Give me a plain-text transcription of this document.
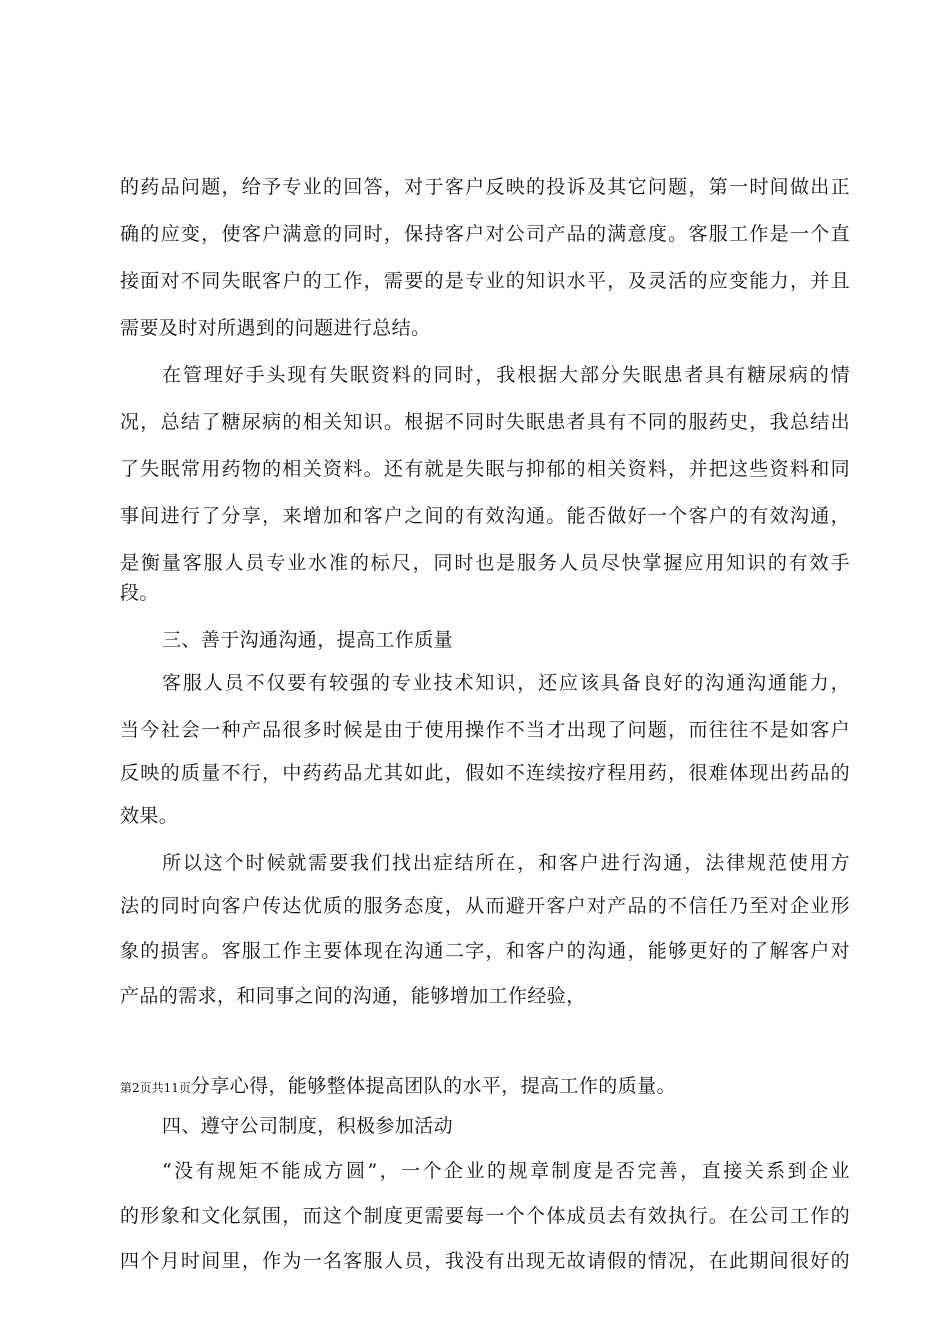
的药品问题，给予专业的回答，对于客户反映的投诉及其它问题，第一时间做出正
确的应变，使客户满意的同时，保持客户对公司产品的满意度。客服工作是一个直
接面对不同失眠客户的工作，需要的是专业的知识水平，及灵活的应变能力，并且
需要及时对所遇到的问题进行总结。
在管理好手头现有失眠资料的同时，我根据大部分失眠患者具有糖尿病的情
况，总结了糖尿病的相关知识。根据不同时失眠患者具有不同的服药史，我总结出
了失眠常用药物的相关资料。还有就是失眠与抑郁的相关资料，并把这些资料和同
事间进行了分享，来增加和客户之间的有效沟通。能否做好一个客户的有效沟通，
是衡量客服人员专业水准的标尺，同时也是服务人员尽快掌握应用知识的有效手
段。
三、善于沟通沟通，提高工作质量
客服人员不仅要有较强的专业技术知识，还应该具备良好的沟通沟通能力，
当今社会一种产品很多时候是由于使用操作不当才出现了问题，而往往不是如客户
反映的质量不行，中药药品尤其如此，假如不连续按疗程用药，很难体现出药品的
效果。
所以这个时候就需要我们找出症结所在，和客户进行沟通，法律规范使用方
法的同时向客户传达优质的服务态度，从而避开客户对产品的不信任乃至对企业形
象的损害。客服工作主要体现在沟通二字，和客户的沟通，能够更好的了解客户对
产品的需求，和同事之间的沟通，能够增加工作经验，
第2页共11页分享心得，能够整体提高团队的水平，提高工作的质量。
四、遵守公司制度，积极参加活动
“没有规矩不能成方圆”，一个企业的规章制度是否完善，直接关系到企业
的形象和文化氛围，而这个制度更需要每一个个体成员去有效执行。在公司工作的
四个月时间里，作为一名客服人员，我没有出现无故请假的情况，在此期间很好的
